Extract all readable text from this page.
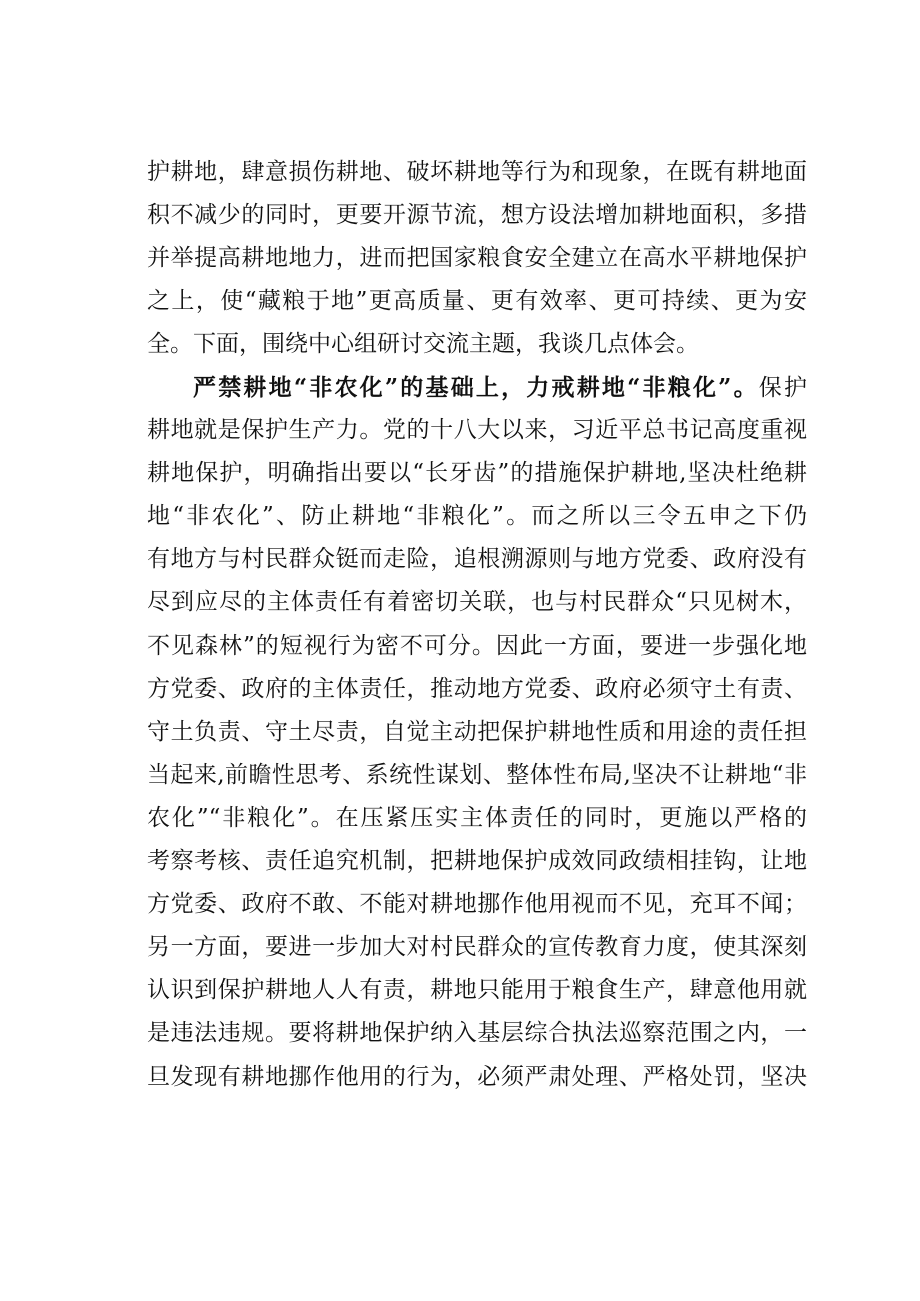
护耕地，肆意损伤耕地、破坏耕地等行为和现象，在既有耕地面
积不减少的同时，更要开源节流，想方设法增加耕地面积，多措
并举提高耕地地力，进而把国家粮食安全建立在高水平耕地保护
之上，使“藏粮于地”更高质量、更有效率、更可持续、更为安
全。下面，围绕中心组研讨交流主题，我谈几点体会。
严禁耕地“非农化”的基础上，力戒耕地“非粮化”。保护
耕地就是保护生产力。党的十八大以来，习近平总书记高度重视
耕地保护，明确指出要以“长牙齿”的措施保护耕地,坚决杜绝耕
地“非农化”、防止耕地“非粮化”。而之所以三令五申之下仍
有地方与村民群众铤而走险，追根溯源则与地方党委、政府没有
尽到应尽的主体责任有着密切关联，也与村民群众“只见树木，
不见森林”的短视行为密不可分。因此一方面，要进一步强化地
方党委、政府的主体责任，推动地方党委、政府必须守土有责、
守土负责、守土尽责，自觉主动把保护耕地性质和用途的责任担
当起来,前瞻性思考、系统性谋划、整体性布局,坚决不让耕地“非
农化”“非粮化”。在压紧压实主体责任的同时，更施以严格的
考察考核、责任追究机制，把耕地保护成效同政绩相挂钩，让地
方党委、政府不敢、不能对耕地挪作他用视而不见，充耳不闻；
另一方面，要进一步加大对村民群众的宣传教育力度，使其深刻
认识到保护耕地人人有责，耕地只能用于粮食生产，肆意他用就
是违法违规。要将耕地保护纳入基层综合执法巡察范围之内，一
旦发现有耕地挪作他用的行为，必须严肃处理、严格处罚，坚决
